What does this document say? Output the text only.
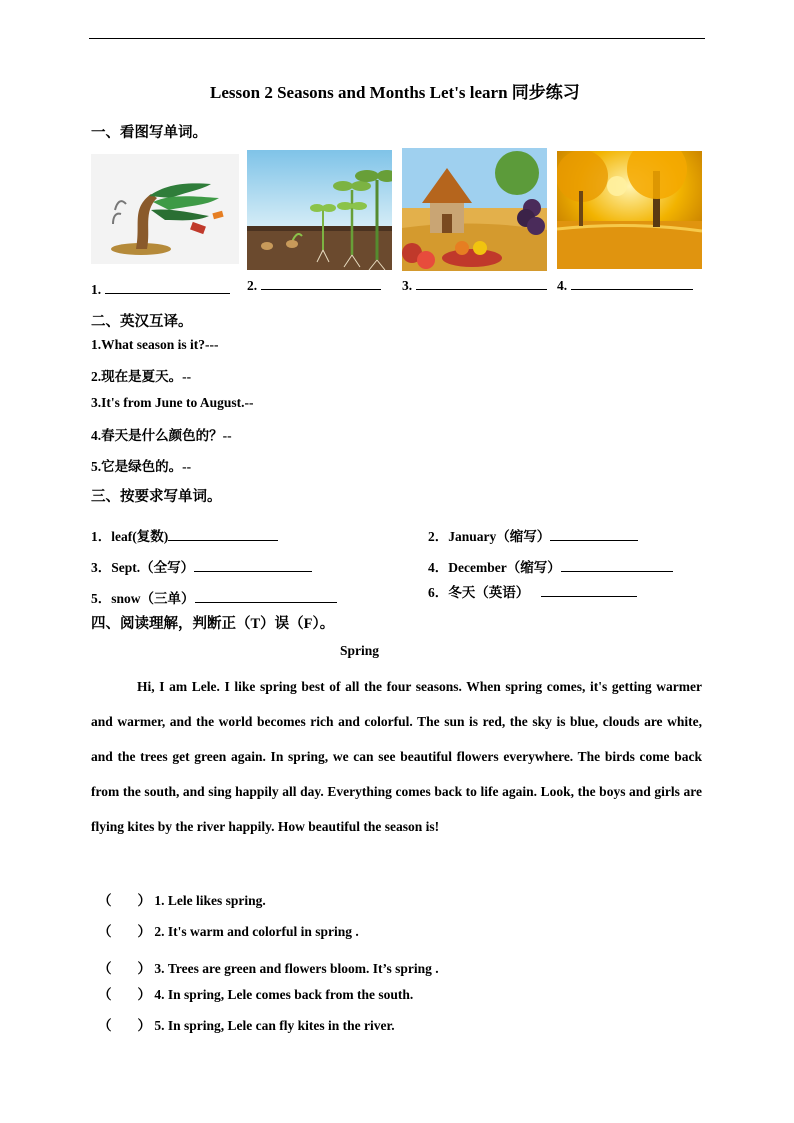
Lesson 2 Seasons and Months Let's learn 同步练习
一、看图写单词。
1.	2.	3.	4.
二、英汉互译。
1.What season is it?---
2.现在是夏天。--
3.It's from June to August.--
4.春天是什么颜色的？--
5.它是绿色的。--
三、按要求写单词。
1．leaf(复数)	2．January（缩写）
3．Sept.（全写）	4．December（缩写）
5．snow（三单）	6．冬天（英语）
四、阅读理解，判断正（T）误（F）。
Spring
Hi, I am Lele. I like spring best of all the four seasons. When spring comes, it's getting warmer and warmer, and the world becomes rich and colorful. The sun is red, the sky is blue, clouds are white, and the trees get green again. In spring, we can see beautiful flowers everywhere. The birds come back from the south, and sing happily all day. Everything comes back to life again. Look, the boys and girls are flying kites by the river happily. How beautiful the season is!
（ ） 1. Lele likes spring.
（ ） 2. It's warm and colorful in spring .
（ ） 3. Trees are green and flowers bloom. It’s spring .
（ ） 4. In spring, Lele comes back from the south.
（ ） 5. In spring, Lele can fly kites in the river.
